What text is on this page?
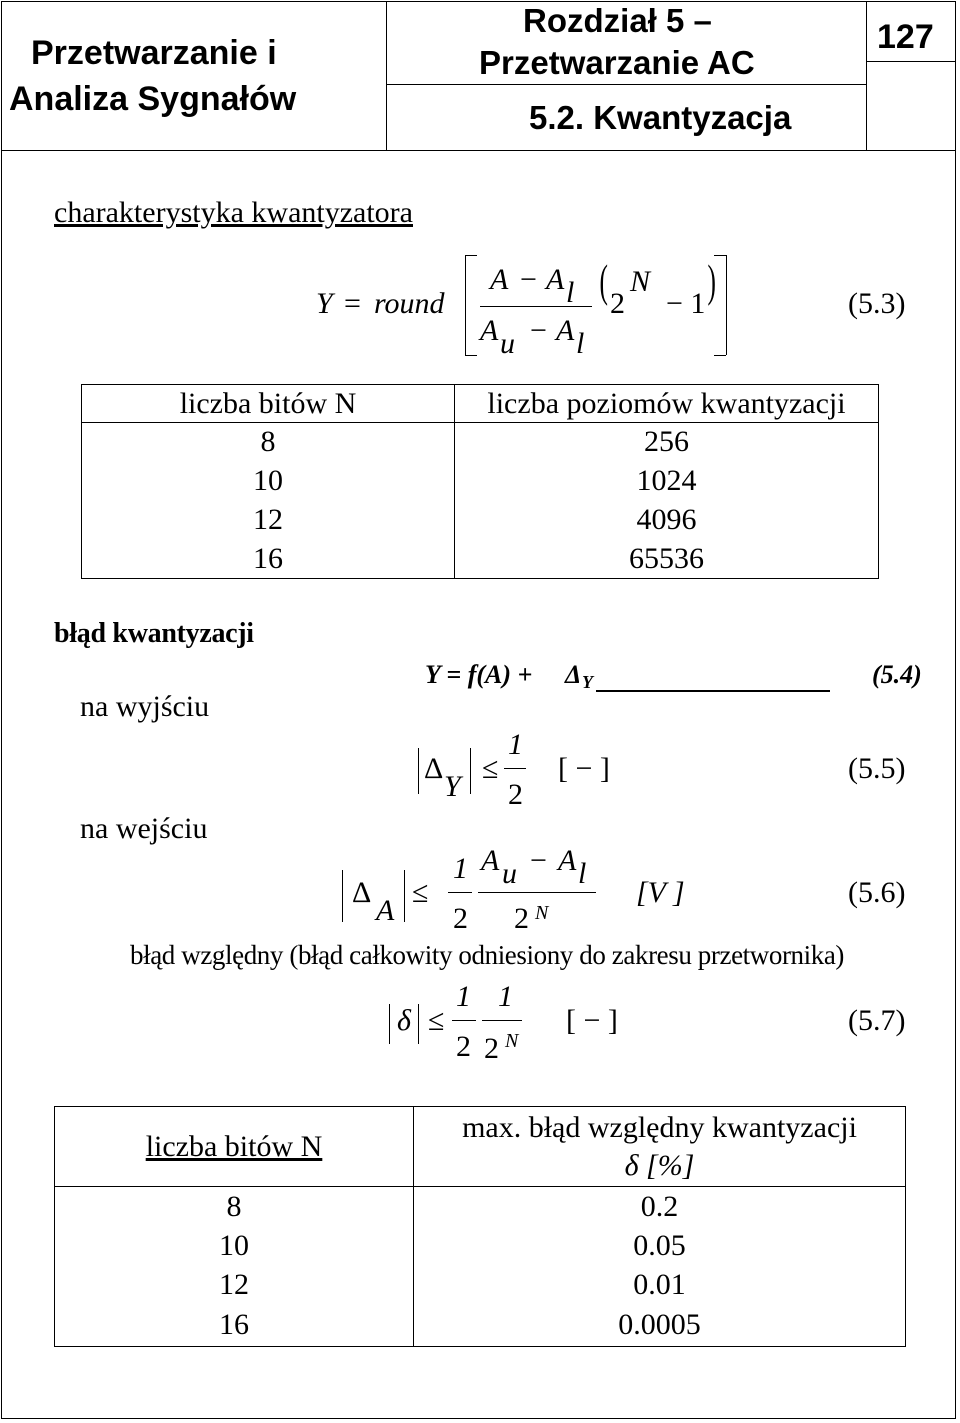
Przetwarzanie i
Analiza Sygnałów
Rozdział 5 –
Przetwarzanie AC
5.2. Kwantyzacja
127
charakterystyka kwantyzatora
Y = round
A − A l
A u − A l
( 2
N
− 1 )	(5.3)
liczba bitów N	liczba poziomów kwantyzacji
8	256
10	1024
12	4096
16	65536
błąd kwantyzacji
na wyjściu
na wejściu
Y = f(A) + Δ Y	(5.4)
Δ
Y
≤
1
2
[ − ]	(5.5)
Δ
A
≤
1
2
A u − A l
2 N
[V ]	(5.6)
błąd względny (błąd całkowity odniesiony do zakresu przetwornika)
δ ≤
1
2
1
2 N
[ − ]	(5.7)
liczba bitów N	max. błąd względny kwantyzacji
δ [%]

8	0.2
10	0.05
12	0.01
16	0.0005
